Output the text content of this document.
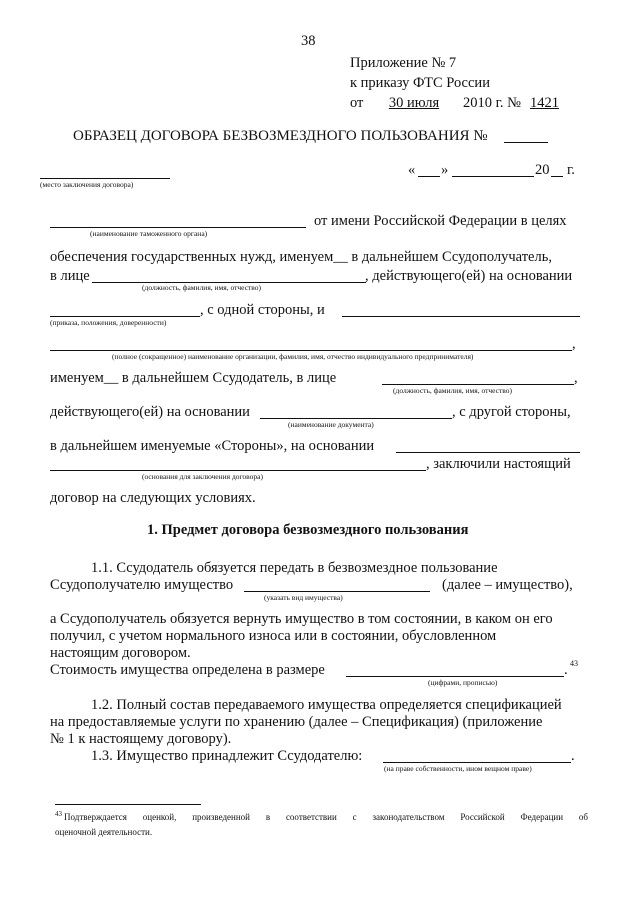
38
Приложение № 7
к приказу ФТС России
от	30 июля	2010 г. № 1421
ОБРАЗЕЦ ДОГОВОРА БЕЗВОЗМЕЗДНОГО ПОЛЬЗОВАНИЯ №
(место заключения договора)
« »	20 г.
(наименование таможенного органа)
от имени Российской Федерации в целях
обеспечения государственных нужд, именуем__ в дальнейшем Ссудополучатель,
в лице
(должность, фамилия, имя, отчество)
, действующего(ей) на основании
(приказа, положения, доверенности)
, с одной стороны, и
,
(полное (сокращенное) наименование организации, фамилия, имя, отчество индивидуального предпринимателя)
именуем__ в дальнейшем Ссудодатель, в лице	,
(должность, фамилия, имя, отчество)
действующего(ей) на основании
(наименование документа)
, с другой стороны,
в дальнейшем именуемые «Стороны», на основании
(основания для заключения договора)
, заключили настоящий
договор на следующих условиях.
1. Предмет договора безвозмездного пользования
1.1. Ссудодатель обязуется передать в безвозмездное пользование
Ссудополучателю имущество
(указать вид имущества)
(далее – имущество),
а Ссудополучатель обязуется вернуть имущество в том состоянии, в каком он его
получил, с учетом нормального износа или в состоянии, обусловленном
настоящим договором.
Стоимость имущества определена в размере	. 43
(цифрами, прописью)
1.2. Полный состав передаваемого имущества определяется спецификацией
на предоставляемые услуги по хранению (далее – Спецификация) (приложение
№ 1 к настоящему договору).
1.3. Имущество принадлежит Ссудодателю:	.
(на праве собственности, ином вещном праве)
43 Подтверждается оценкой, произведенной в соответствии с законодательством Российской Федерации об
оценочной деятельности.
